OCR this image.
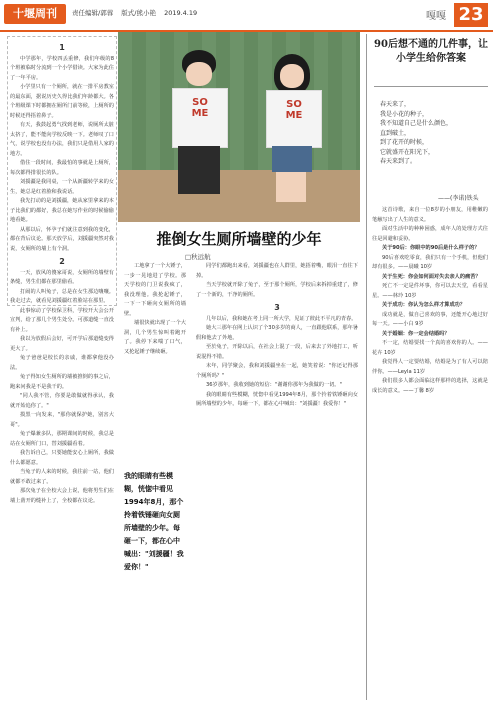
十堰周刊	责任编辑/郭蓉 版式/熊小艳 2019.4.19	嘎嘎 23

1

中学那年，学校四丢重修，我们年级的8个班被临时分流到一个小学借读。大家为此住了一年平房。

小学里只有一个厕所，就在一排平房教室的最东面，据说历史久得比我们年龄都大。各个班级课下时都拥在厕所门前等候，上厕所的时候还得捂着鼻子。

有天，我鼓起勇气找到老师，说厕所太脏太挤了，能不能向学校反映一下。老师叹了口气，说学校也没有办法，我们只是借用人家的地方。

借住一段时间，我最怕的事就是上厕所，每次都得排很长的队。

刘援疆是我同桌，一个从新疆转学来的女生，她总是红着脸和我说话。

我先打动的是刘援疆，她从家里拿来的本子比我们的都好，我总在她写作业的时候偷偷地看她。

从那以后，怀孕子们就注意到我的变化，都在背后议论。那天放学后，刘援疆突然对我说，女厕所的墙上有个洞。

2

一天，放风的傻家哥说，女厕所的墙壁有条缝，男生们都在那里偷看。

打闹的人叫兔子，总是在女生那边嚷嚷。我走过去，就看见刘援疆红着脸站在那里。

此事惊动了学校保卫科，学校开大会公开宣判，给了那几个男生处分。可那道缝一直没有补上。

我以为放假后会好，可开学后那道缝变得更大了。

兔子爸爸是校长的亲戚，谁都拿他没办法。

兔子得知女生厕所的墙被推倒的事之后，跑来问我是不是我干的。

"同人我不管，你要是敢做就得承认，我就开始追你了。"

摸黑一向发来，"那你就保护她，别害大哥"。

兔子爆兼多队，那期课间的时候，我总是站在女厕所门口，替刘援疆看着。

我告诉自己，只要她能安心上厕所，我做什么都愿意。

当兔子的人来的时候，我往前一站，他们就都不敢过来了。

那次兔子在全校大会上说，他将男生们在墙上凿开的缝补上了，全校都在议论。

SO
ME
SO
ME
推倒女生厕所墙壁的少年
□秋远航

工地拿了一个大锤子，一步一晃地进了学校。那天学校的门卫说我疯了，我没理他。我抡起锤子，一下一下砸向女厕所的墙壁。

墙很快就出现了一个大洞，几个男生惊叫着跑开了。我停下来喘了口气，又抡起锤子继续砸。

我的眼睛有些模糊，恍惚中看见1994年8月，那个拎着铁锤砸向女厕所墙壁的少年。每砸一下，都在心中喊出："刘援疆！我爱你！"

同学们都跑出来看，刘援疆也在人群里，她捂着嘴，眼泪一直往下掉。

当天学校就开除了兔子，至于那个厕所，学校后来拆掉重建了，修了一个新的，干净的厕所。

3

几年以后，我和她在考上同一所大学，见证了彼此不平凡的青春。

她大三那年在网上认识了个30多岁的商人，一直跟他联系，那年暑假和他去了外地。

至於兔子，开除以后，在社会上混了一段，后来去了外地打工，听说混得不错。

末年，同学聚会，我和刘援疆坐在一起，她笑着说："你还记得那个厕所吗？"

36岁那年，我收到她的短信："谢谢你那年为我做的一切。"

我的眼睛有些模糊，恍惚中看见1994年8月，那个拎着铁锤砸向女厕所墙壁的少年。每砸一下，都在心中喊出："刘援疆！我爱你！"

90后想不通的几件事，让小学生给你答案
春天来了，
我是小花的种子，
我不知道自己是什么颜色，
直到破土，
到了花开的时候，
它就盛开在阳光下，
春天来到了。
——(李诺)铁头

这首诗歌，来自一位8岁的小朋友，用稚嫩的笔触写出了人生的意义。

面对生活中的种种困惑，成年人的处理方式往往是回避和妥协。

关于90后：你眼中的90后是什么样子的？

90后喜欢吃零食，我们只有一个手机，但他们却有很多。——晨曦 10岁

关于生死：你会如何面对失去亲人的痛苦？

死亡不一定是件坏事，你可以去天堂，看看星星。——林玲 10岁

关于成功：你认为怎么样才算成功？

成功就是，做自己喜欢的事，还能开心地过好每一天。——小白 9岁

关于婚姻：你一定会结婚吗？

不一定，结婚要找一个真的喜欢你的人。——花卉 10岁

我觉得人一定要结婚，结婚是为了有人可以陪伴你。——Leyla 11岁

我们很多人都会面临这样那样的选择，这就是成长的意义。——丁馨 8岁
